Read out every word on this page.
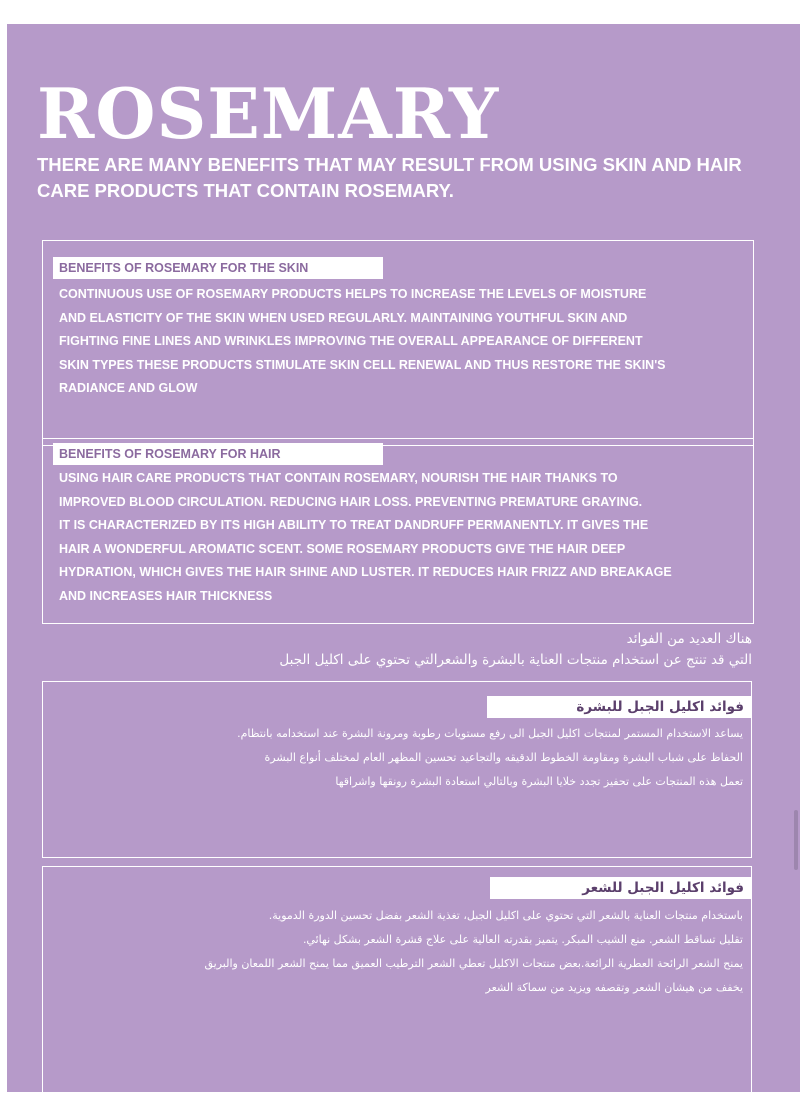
ROSEMARY
THERE ARE MANY BENEFITS THAT MAY RESULT FROM USING SKIN AND HAIR CARE PRODUCTS THAT CONTAIN ROSEMARY.
BENEFITS OF ROSEMARY FOR THE SKIN
CONTINUOUS USE OF ROSEMARY PRODUCTS HELPS TO INCREASE THE LEVELS OF MOISTURE
AND ELASTICITY OF THE SKIN WHEN USED REGULARLY. MAINTAINING YOUTHFUL SKIN AND
FIGHTING FINE LINES AND WRINKLES IMPROVING THE OVERALL APPEARANCE OF DIFFERENT
SKIN TYPES THESE PRODUCTS STIMULATE SKIN CELL RENEWAL AND THUS RESTORE THE SKIN'S
RADIANCE AND GLOW
BENEFITS OF ROSEMARY FOR HAIR
USING HAIR CARE PRODUCTS THAT CONTAIN ROSEMARY, NOURISH THE HAIR THANKS TO
IMPROVED BLOOD CIRCULATION. REDUCING HAIR LOSS. PREVENTING PREMATURE GRAYING.
IT IS CHARACTERIZED BY ITS HIGH ABILITY TO TREAT DANDRUFF PERMANENTLY. IT GIVES THE
HAIR A WONDERFUL AROMATIC SCENT. SOME ROSEMARY PRODUCTS GIVE THE HAIR DEEP
HYDRATION, WHICH GIVES THE HAIR SHINE AND LUSTER. IT REDUCES HAIR FRIZZ AND BREAKAGE
AND INCREASES HAIR THICKNESS
هناك العديد من الفوائد
التي قد تنتج عن استخدام منتجات العناية بالبشرة والشعرالتي تحتوي على اكليل الجبل
فوائد اكليل الجبل للبشرة
يساعد الاستخدام المستمر لمنتجات اكليل الجبل الى رفع مستويات رطوبة ومرونة البشرة عند استخدامه بانتظام.
الحفاظ على شباب البشرة ومقاومة الخطوط الدقيقه والتجاعيد تحسين المظهر العام لمختلف أنواع البشرة
تعمل هذه المنتجات على تحفيز تجدد خلايا البشرة وبالتالي استعادة البشرة رونقها واشراقها
فوائد اكليل الجبل للشعر
باستخدام منتجات العناية بالشعر التي تحتوي على اكليل الجبل، تغذية الشعر بفضل تحسين الدورة الدموية.
تقليل تساقط الشعر. منع الشيب المبكر. يتميز بقدرته العالية على علاج قشرة الشعر بشكل نهائي.
يمنح الشعر الرائحة العطرية الرائعة.بعض منتجات الاكليل تعطي الشعر الترطيب العميق مما يمنح الشعر اللمعان والبريق
يخفف من هيشان الشعر وتقصفه ويزيد من سماكة الشعر
